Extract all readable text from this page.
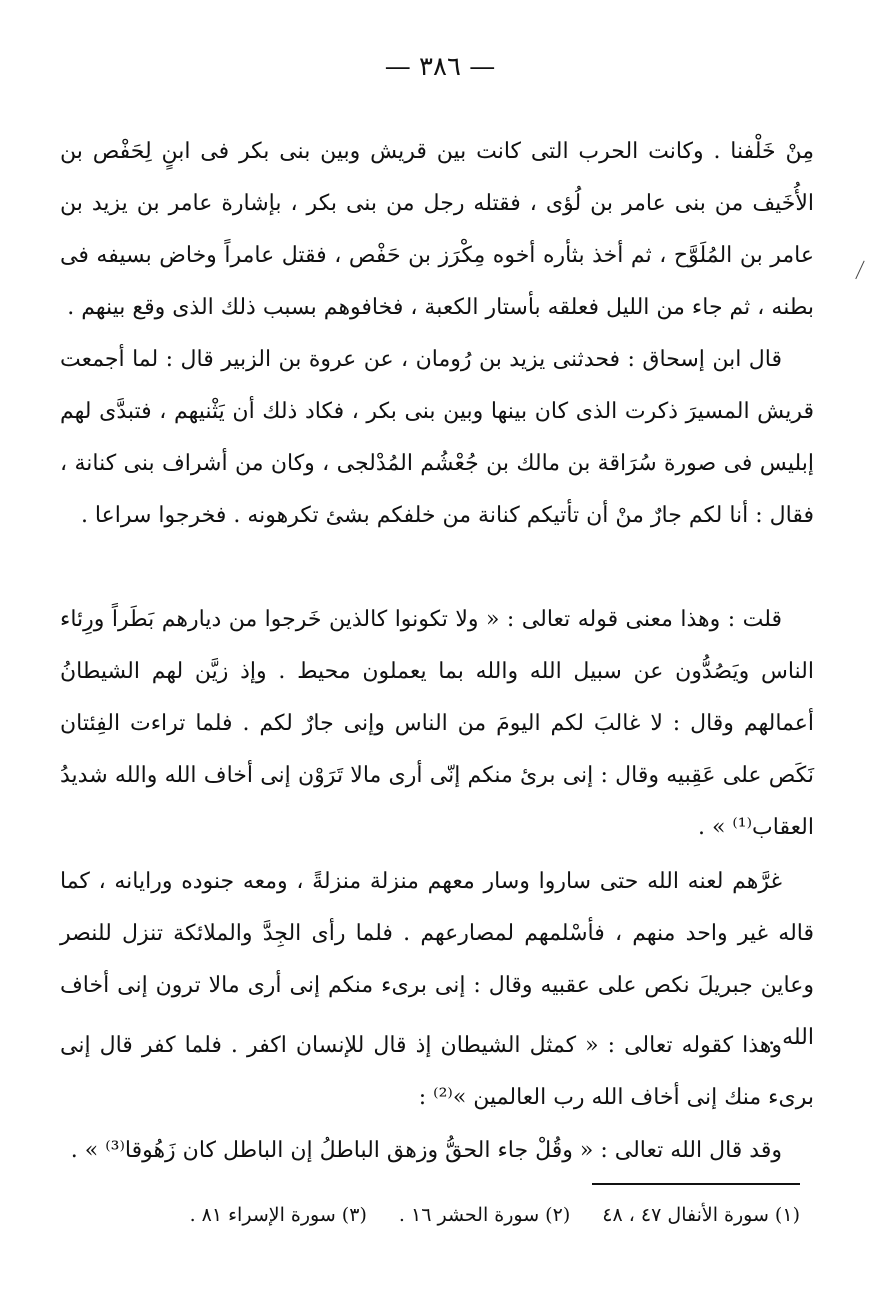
— ٣٨٦ —

مِنْ خَلْفنا . وكانت الحرب التى كانت بين قريش وبين بنى بكر فى ابنٍ لِحَفْص بن الأُخَيف من بنى عامر بن لُؤى ، فقتله رجل من بنى بكر ، بإشارة عامر بن يزيد بن عامر بن المُلَوَّح ، ثم أخذ بثأره أخوه مِكْرَز بن حَفْص ، فقتل عامراً وخاض بسيفه فى بطنه ، ثم جاء من الليل فعلقه بأستار الكعبة ، فخافوهم بسبب ذلك الذى وقع بينهم .

قال ابن إسحاق : فحدثنى يزيد بن رُومان ، عن عروة بن الزبير قال : لما أجمعت قريش المسيرَ ذكرت الذى كان بينها وبين بنى بكر ، فكاد ذلك أن يَثْنيهم ، فتبدَّى لهم إبليس فى صورة سُرَاقة بن مالك بن جُعْشُم المُدْلجى ، وكان من أشراف بنى كنانة ، فقال : أنا لكم جارٌ منْ أن تأتيكم كنانة من خلفكم بشئ تكرهونه . فخرجوا سراعا .

قلت : وهذا معنى قوله تعالى : « ولا تكونوا كالذين خَرجوا من ديارهم بَطَراً ورِئاء الناس ويَصُدُّون عن سبيل الله والله بما يعملون محيط . وإذ زيَّن لهم الشيطانُ أعمالهم وقال : لا غالبَ لكم اليومَ من الناس وإنى جارٌ لكم . فلما تراءت الفِئتان نَكَص على عَقِبيه وقال : إنى برئ منكم إنّى أرى مالا تَرَوْن إنى أخاف الله والله شديدُ العقاب⁽¹⁾ » .

غرَّهم لعنه الله حتى ساروا وسار معهم منزلة منزلةً ، ومعه جنوده ورايانه ، كما قاله غير واحد منهم ، فأسْلمهم لمصارعهم . فلما رأى الجِدَّ والملائكة تنزل للنصر وعاين جبريلَ نكص على عقبيه وقال : إنى برىء منكم إنى أرى مالا ترون إنى أخاف الله .

وهذا كقوله تعالى : « كمثل الشيطان إذ قال للإنسان اكفر . فلما كفر قال إنى برىء منك إنى أخاف الله رب العالمين »⁽²⁾ :

وقد قال الله تعالى : « وقُلْ جاء الحقُّ وزهق الباطلُ إن الباطل كان زَهُوقا⁽³⁾ » .

(١) سورة الأنفال ٤٧ ، ٤٨ (٢) سورة الحشر ١٦ . (٣) سورة الإسراء ٨١ .
